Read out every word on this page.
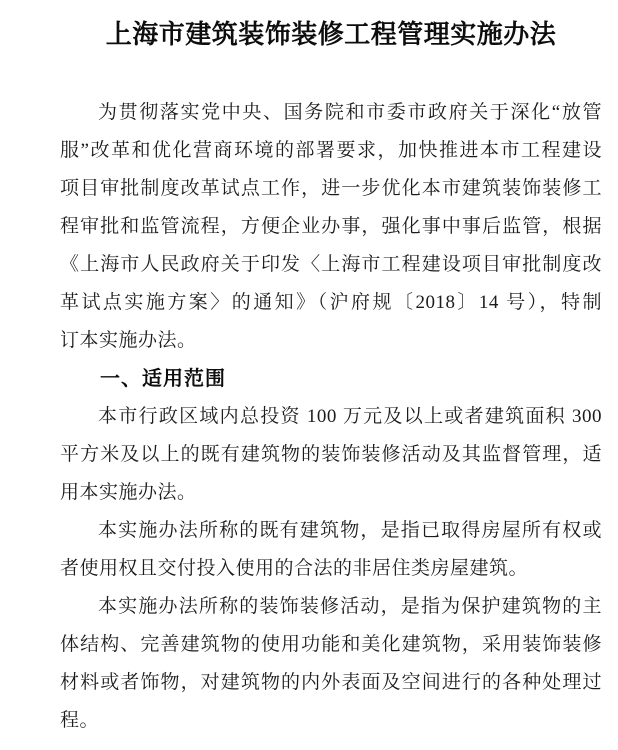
上海市建筑装饰装修工程管理实施办法
为贯彻落实党中央、国务院和市委市政府关于深化“放管
服”改革和优化营商环境的部署要求，加快推进本市工程建设
项目审批制度改革试点工作，进一步优化本市建筑装饰装修工
程审批和监管流程，方便企业办事，强化事中事后监管，根据
《上海市人民政府关于印发〈上海市工程建设项目审批制度改
革试点实施方案〉的通知》（沪府规〔2018〕14 号），特制
订本实施办法。
一、适用范围
本市行政区域内总投资 100 万元及以上或者建筑面积 300
平方米及以上的既有建筑物的装饰装修活动及其监督管理，适
用本实施办法。
本实施办法所称的既有建筑物，是指已取得房屋所有权或
者使用权且交付投入使用的合法的非居住类房屋建筑。
本实施办法所称的装饰装修活动，是指为保护建筑物的主
体结构、完善建筑物的使用功能和美化建筑物，采用装饰装修
材料或者饰物，对建筑物的内外表面及空间进行的各种处理过
程。
